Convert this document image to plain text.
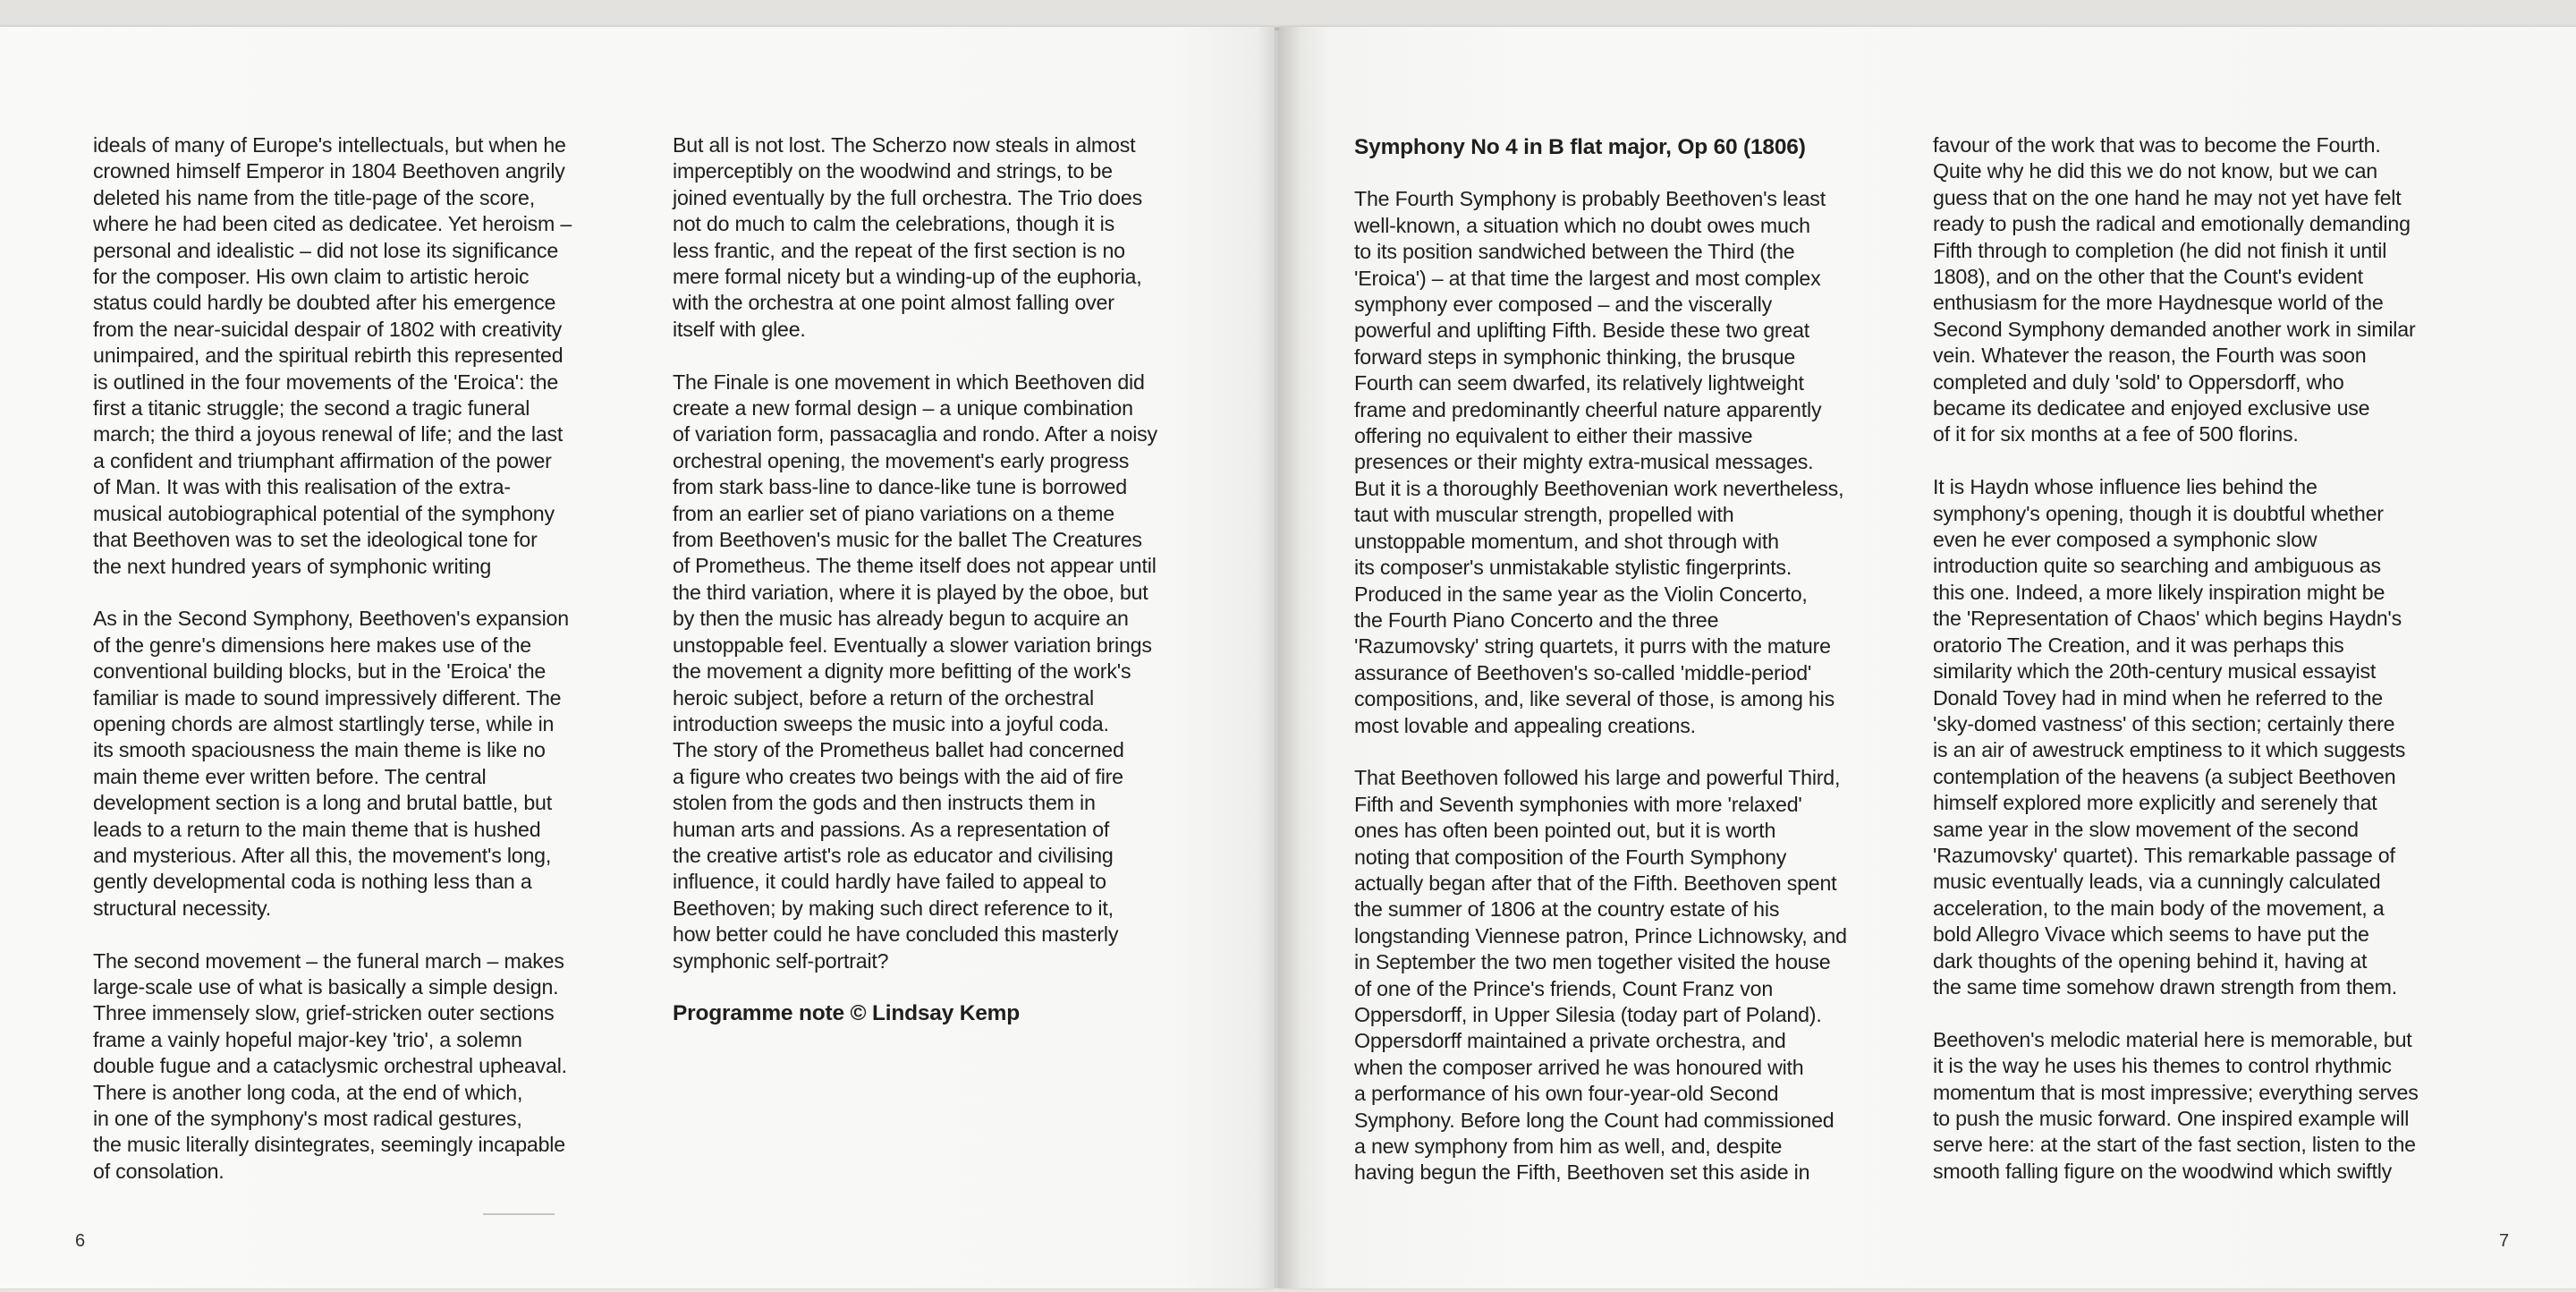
ideals of many of Europe's intellectuals, but when he
crowned himself Emperor in 1804 Beethoven angrily
deleted his name from the title-page of the score,
where he had been cited as dedicatee. Yet heroism –
personal and idealistic – did not lose its significance
for the composer. His own claim to artistic heroic
status could hardly be doubted after his emergence
from the near-suicidal despair of 1802 with creativity
unimpaired, and the spiritual rebirth this represented
is outlined in the four movements of the 'Eroica': the
first a titanic struggle; the second a tragic funeral
march; the third a joyous renewal of life; and the last
a confident and triumphant affirmation of the power
of Man. It was with this realisation of the extra-
musical autobiographical potential of the symphony
that Beethoven was to set the ideological tone for
the next hundred years of symphonic writing

As in the Second Symphony, Beethoven's expansion
of the genre's dimensions here makes use of the
conventional building blocks, but in the 'Eroica' the
familiar is made to sound impressively different. The
opening chords are almost startlingly terse, while in
its smooth spaciousness the main theme is like no
main theme ever written before. The central
development section is a long and brutal battle, but
leads to a return to the main theme that is hushed
and mysterious. After all this, the movement's long,
gently developmental coda is nothing less than a
structural necessity.

The second movement – the funeral march – makes
large-scale use of what is basically a simple design.
Three immensely slow, grief-stricken outer sections
frame a vainly hopeful major-key 'trio', a solemn
double fugue and a cataclysmic orchestral upheaval.
There is another long coda, at the end of which,
in one of the symphony's most radical gestures,
the music literally disintegrates, seemingly incapable
of consolation.

But all is not lost. The Scherzo now steals in almost
imperceptibly on the woodwind and strings, to be
joined eventually by the full orchestra. The Trio does
not do much to calm the celebrations, though it is
less frantic, and the repeat of the first section is no
mere formal nicety but a winding-up of the euphoria,
with the orchestra at one point almost falling over
itself with glee.

The Finale is one movement in which Beethoven did
create a new formal design – a unique combination
of variation form, passacaglia and rondo. After a noisy
orchestral opening, the movement's early progress
from stark bass-line to dance-like tune is borrowed
from an earlier set of piano variations on a theme
from Beethoven's music for the ballet The Creatures
of Prometheus. The theme itself does not appear until
the third variation, where it is played by the oboe, but
by then the music has already begun to acquire an
unstoppable feel. Eventually a slower variation brings
the movement a dignity more befitting of the work's
heroic subject, before a return of the orchestral
introduction sweeps the music into a joyful coda.
The story of the Prometheus ballet had concerned
a figure who creates two beings with the aid of fire
stolen from the gods and then instructs them in
human arts and passions. As a representation of
the creative artist's role as educator and civilising
influence, it could hardly have failed to appeal to
Beethoven; by making such direct reference to it,
how better could he have concluded this masterly
symphonic self-portrait?

Programme note © Lindsay Kemp

Symphony No 4 in B flat major, Op 60 (1806)

The Fourth Symphony is probably Beethoven's least
well-known, a situation which no doubt owes much
to its position sandwiched between the Third (the
'Eroica') – at that time the largest and most complex
symphony ever composed – and the viscerally
powerful and uplifting Fifth. Beside these two great
forward steps in symphonic thinking, the brusque
Fourth can seem dwarfed, its relatively lightweight
frame and predominantly cheerful nature apparently
offering no equivalent to either their massive
presences or their mighty extra-musical messages.
But it is a thoroughly Beethovenian work nevertheless,
taut with muscular strength, propelled with
unstoppable momentum, and shot through with
its composer's unmistakable stylistic fingerprints.
Produced in the same year as the Violin Concerto,
the Fourth Piano Concerto and the three
'Razumovsky' string quartets, it purrs with the mature
assurance of Beethoven's so-called 'middle-period'
compositions, and, like several of those, is among his
most lovable and appealing creations.

That Beethoven followed his large and powerful Third,
Fifth and Seventh symphonies with more 'relaxed'
ones has often been pointed out, but it is worth
noting that composition of the Fourth Symphony
actually began after that of the Fifth. Beethoven spent
the summer of 1806 at the country estate of his
longstanding Viennese patron, Prince Lichnowsky, and
in September the two men together visited the house
of one of the Prince's friends, Count Franz von
Oppersdorff, in Upper Silesia (today part of Poland).
Oppersdorff maintained a private orchestra, and
when the composer arrived he was honoured with
a performance of his own four-year-old Second
Symphony. Before long the Count had commissioned
a new symphony from him as well, and, despite
having begun the Fifth, Beethoven set this aside in

favour of the work that was to become the Fourth.
Quite why he did this we do not know, but we can
guess that on the one hand he may not yet have felt
ready to push the radical and emotionally demanding
Fifth through to completion (he did not finish it until
1808), and on the other that the Count's evident
enthusiasm for the more Haydnesque world of the
Second Symphony demanded another work in similar
vein. Whatever the reason, the Fourth was soon
completed and duly 'sold' to Oppersdorff, who
became its dedicatee and enjoyed exclusive use
of it for six months at a fee of 500 florins.

It is Haydn whose influence lies behind the
symphony's opening, though it is doubtful whether
even he ever composed a symphonic slow
introduction quite so searching and ambiguous as
this one. Indeed, a more likely inspiration might be
the 'Representation of Chaos' which begins Haydn's
oratorio The Creation, and it was perhaps this
similarity which the 20th-century musical essayist
Donald Tovey had in mind when he referred to the
'sky-domed vastness' of this section; certainly there
is an air of awestruck emptiness to it which suggests
contemplation of the heavens (a subject Beethoven
himself explored more explicitly and serenely that
same year in the slow movement of the second
'Razumovsky' quartet). This remarkable passage of
music eventually leads, via a cunningly calculated
acceleration, to the main body of the movement, a
bold Allegro Vivace which seems to have put the
dark thoughts of the opening behind it, having at
the same time somehow drawn strength from them.

Beethoven's melodic material here is memorable, but
it is the way he uses his themes to control rhythmic
momentum that is most impressive; everything serves
to push the music forward. One inspired example will
serve here: at the start of the fast section, listen to the
smooth falling figure on the woodwind which swiftly

6	7
